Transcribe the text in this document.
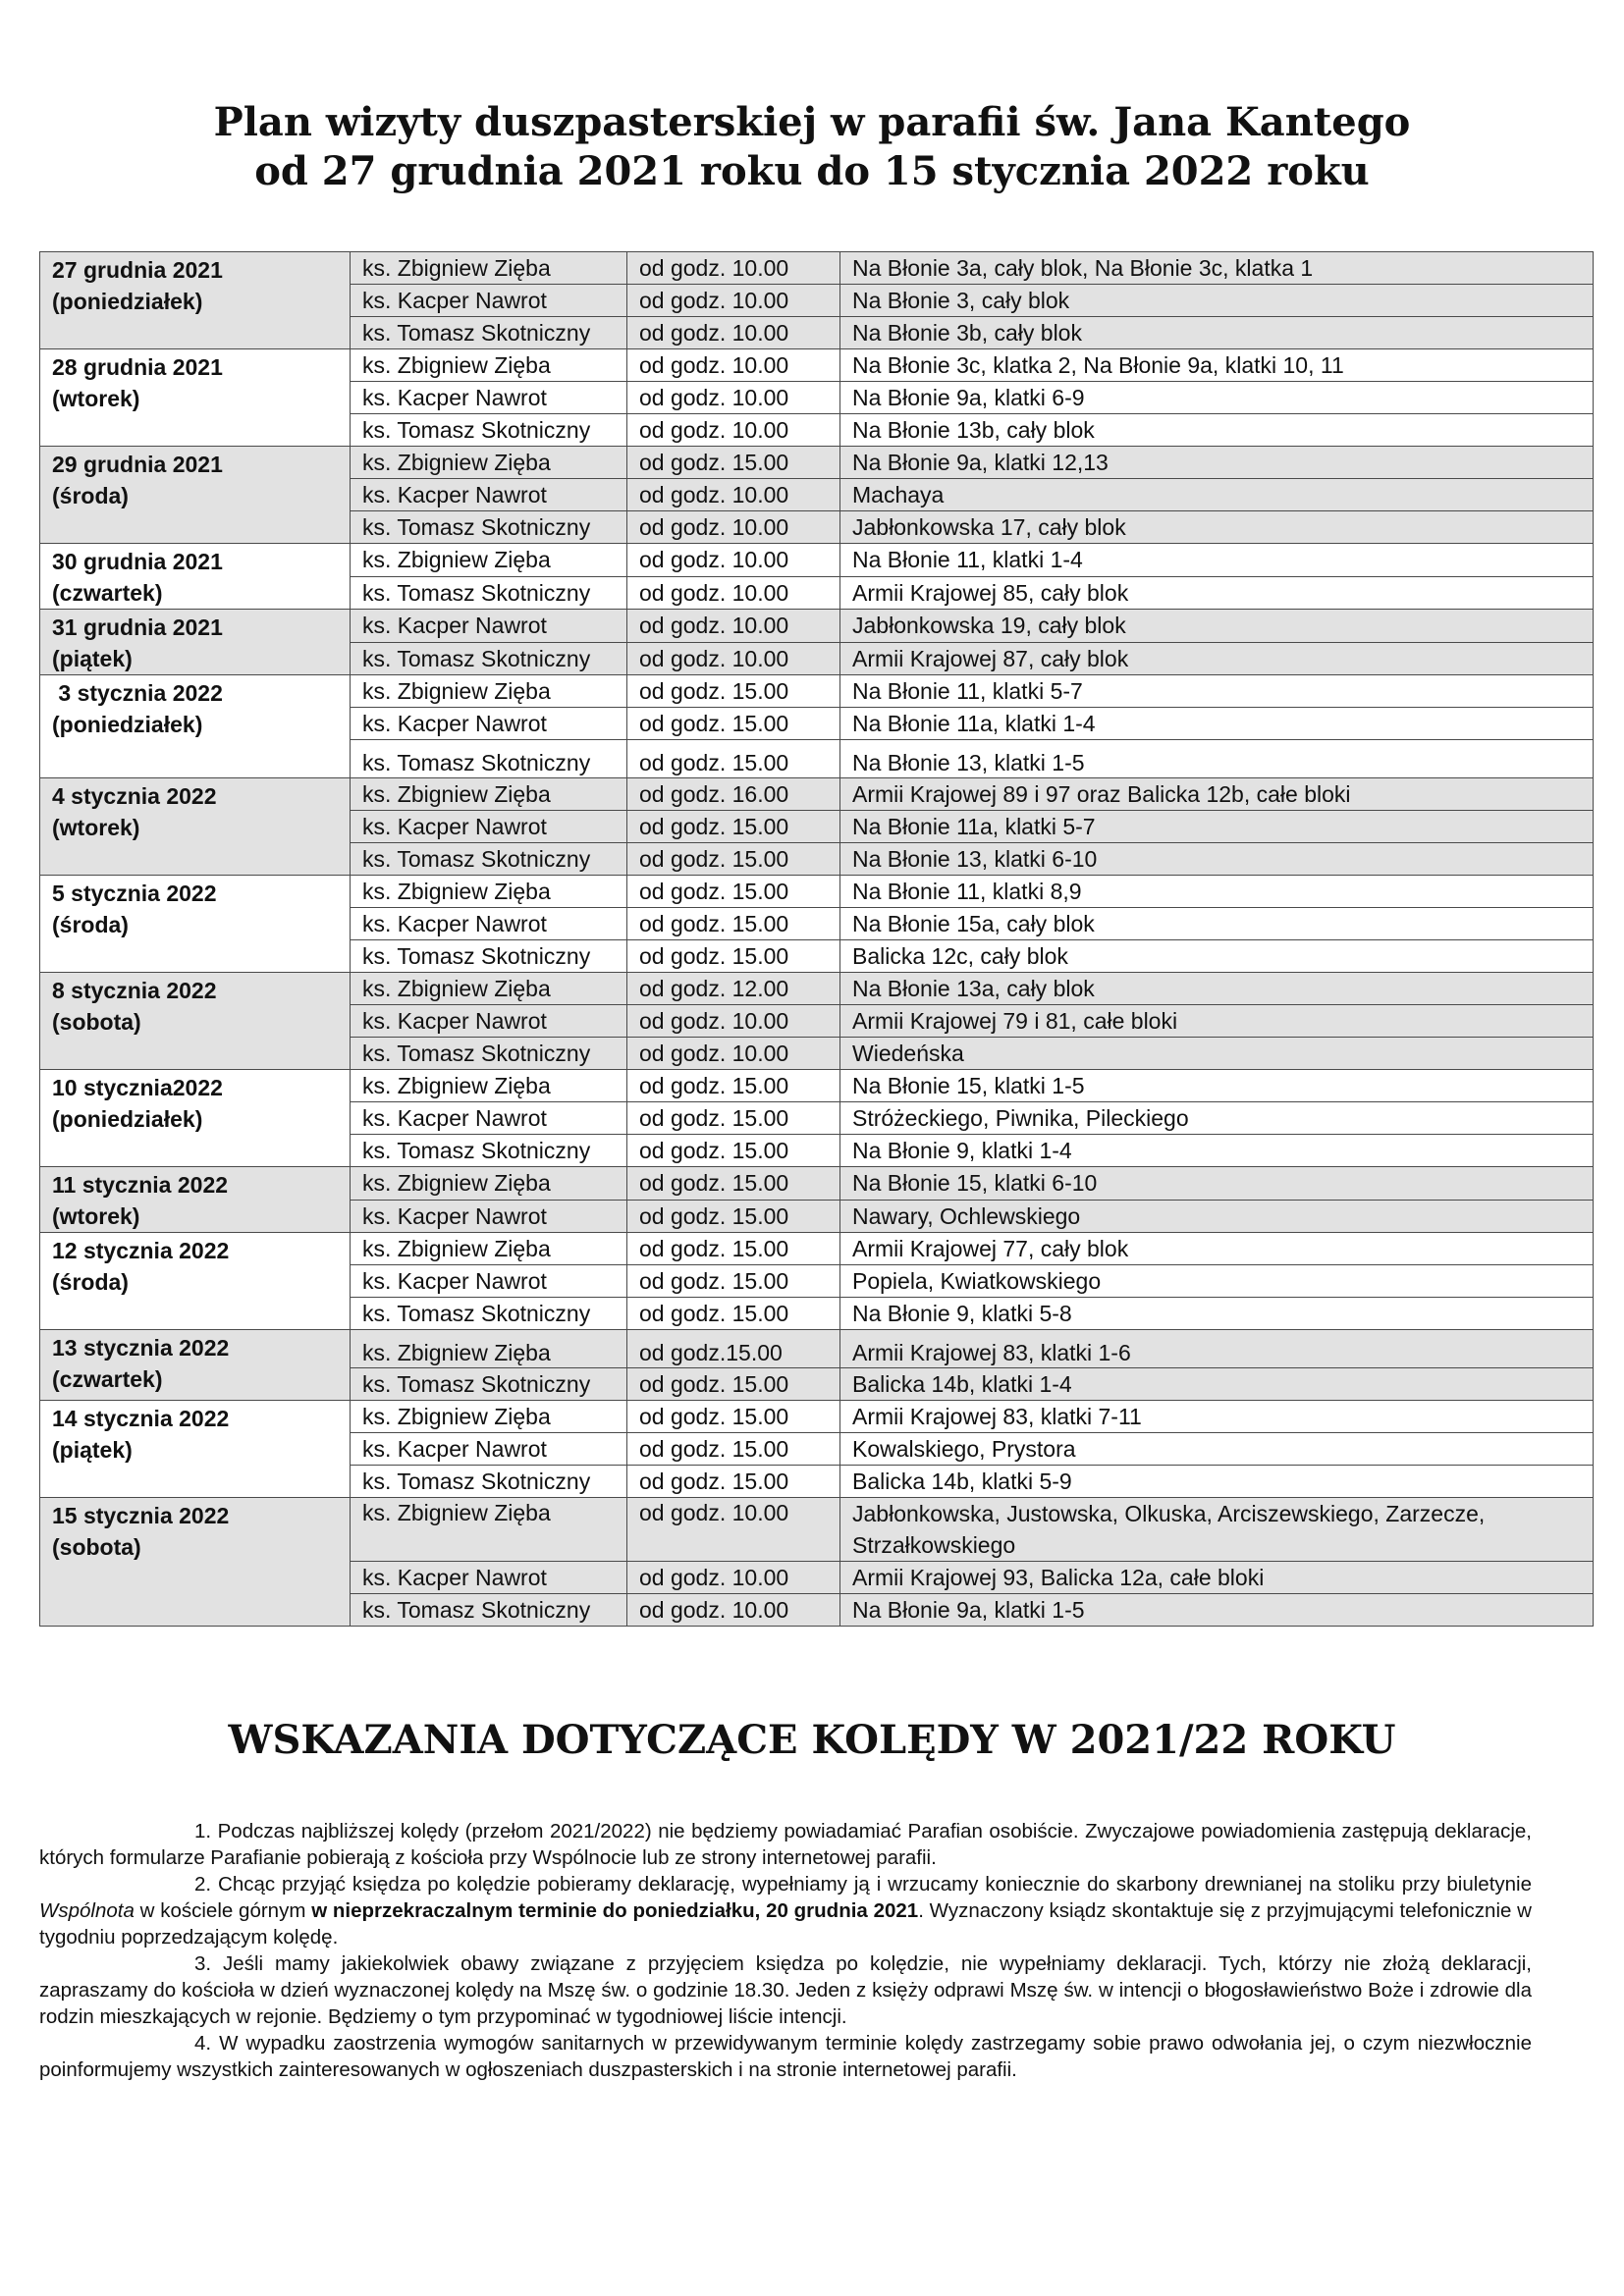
Plan wizyty duszpasterskiej w parafii św. Jana Kantego
od 27 grudnia 2021 roku do 15 stycznia 2022 roku
27 grudnia 2021
(poniedziałek)	ks. Zbigniew Zięba	od godz. 10.00	Na Błonie 3a, cały blok, Na Błonie 3c, klatka 1
	ks. Kacper Nawrot	od godz. 10.00	Na Błonie 3, cały blok
	ks. Tomasz Skotniczny	od godz. 10.00	Na Błonie 3b, cały blok

28 grudnia 2021
(wtorek)	ks. Zbigniew Zięba	od godz. 10.00	Na Błonie 3c, klatka 2, Na Błonie 9a, klatki 10, 11
	ks. Kacper Nawrot	od godz. 10.00	Na Błonie 9a, klatki 6-9
	ks. Tomasz Skotniczny	od godz. 10.00	Na Błonie 13b, cały blok

29 grudnia 2021
(środa)	ks. Zbigniew Zięba	od godz. 15.00	Na Błonie 9a, klatki 12,13
	ks. Kacper Nawrot	od godz. 10.00	Machaya
	ks. Tomasz Skotniczny	od godz. 10.00	Jabłonkowska 17, cały blok

30 grudnia 2021
(czwartek)	ks. Zbigniew Zięba	od godz. 10.00	Na Błonie 11, klatki 1-4
	ks. Tomasz Skotniczny	od godz. 10.00	Armii Krajowej 85, cały blok

31 grudnia 2021
(piątek)	ks. Kacper Nawrot	od godz. 10.00	Jabłonkowska 19, cały blok
	ks. Tomasz Skotniczny	od godz. 10.00	Armii Krajowej 87, cały blok

3 stycznia 2022
(poniedziałek)	ks. Zbigniew Zięba	od godz. 15.00	Na Błonie 11, klatki 5-7
	ks. Kacper Nawrot	od godz. 15.00	Na Błonie 11a, klatki 1-4
	ks. Tomasz Skotniczny	od godz. 15.00	Na Błonie 13, klatki 1-5

4 stycznia 2022
(wtorek)	ks. Zbigniew Zięba	od godz. 16.00	Armii Krajowej 89 i 97 oraz Balicka 12b, całe bloki
	ks. Kacper Nawrot	od godz. 15.00	Na Błonie 11a, klatki 5-7
	ks. Tomasz Skotniczny	od godz. 15.00	Na Błonie 13, klatki 6-10

5 stycznia 2022
(środa)	ks. Zbigniew Zięba	od godz. 15.00	Na Błonie 11, klatki 8,9
	ks. Kacper Nawrot	od godz. 15.00	Na Błonie 15a, cały blok
	ks. Tomasz Skotniczny	od godz. 15.00	Balicka 12c, cały blok

8 stycznia 2022
(sobota)	ks. Zbigniew Zięba	od godz. 12.00	Na Błonie 13a, cały blok
	ks. Kacper Nawrot	od godz. 10.00	Armii Krajowej 79 i 81, całe bloki
	ks. Tomasz Skotniczny	od godz. 10.00	Wiedeńska

10 stycznia2022
(poniedziałek)	ks. Zbigniew Zięba	od godz. 15.00	Na Błonie 15, klatki 1-5
	ks. Kacper Nawrot	od godz. 15.00	Stróżeckiego, Piwnika, Pileckiego
	ks. Tomasz Skotniczny	od godz. 15.00	Na Błonie 9, klatki 1-4

11 stycznia 2022
(wtorek)	ks. Zbigniew Zięba	od godz. 15.00	Na Błonie 15, klatki 6-10
	ks. Kacper Nawrot	od godz. 15.00	Nawary, Ochlewskiego

12 stycznia 2022
(środa)	ks. Zbigniew Zięba	od godz. 15.00	Armii Krajowej 77, cały blok
	ks. Kacper Nawrot	od godz. 15.00	Popiela, Kwiatkowskiego
	ks. Tomasz Skotniczny	od godz. 15.00	Na Błonie 9, klatki 5-8

13 stycznia 2022
(czwartek)	ks. Zbigniew Zięba	od godz.15.00	Armii Krajowej 83, klatki 1-6
	ks. Tomasz Skotniczny	od godz. 15.00	Balicka 14b, klatki 1-4

14 stycznia 2022
(piątek)	ks. Zbigniew Zięba	od godz. 15.00	Armii Krajowej 83, klatki 7-11
	ks. Kacper Nawrot	od godz. 15.00	Kowalskiego, Prystora
	ks. Tomasz Skotniczny	od godz. 15.00	Balicka 14b, klatki 5-9

15 stycznia 2022
(sobota)	ks. Zbigniew Zięba	od godz. 10.00	Jabłonkowska, Justowska, Olkuska, Arciszewskiego, Zarzecze, Strzałkowskiego
	ks. Kacper Nawrot	od godz. 10.00	Armii Krajowej 93, Balicka 12a, całe bloki
	ks. Tomasz Skotniczny	od godz. 10.00	Na Błonie 9a, klatki 1-5
WSKAZANIA DOTYCZĄCE KOLĘDY W 2021/22 ROKU

1. Podczas najbliższej kolędy (przełom 2021/2022) nie będziemy powiadamiać Parafian osobiście. Zwyczajowe powiadomienia zastępują deklaracje, których formularze Parafianie pobierają z kościoła przy Wspólnocie lub ze strony internetowej parafii.

2. Chcąc przyjąć księdza po kolędzie pobieramy deklarację, wypełniamy ją i wrzucamy koniecznie do skarbony drewnianej na stoliku przy biuletynie Wspólnota w kościele górnym w nieprzekraczalnym terminie do poniedziałku, 20 grudnia 2021. Wyznaczony ksiądz skontaktuje się z przyjmującymi telefonicznie w tygodniu poprzedzającym kolędę.

3. Jeśli mamy jakiekolwiek obawy związane z przyjęciem księdza po kolędzie, nie wypełniamy deklaracji. Tych, którzy nie złożą deklaracji, zapraszamy do kościoła w dzień wyznaczonej kolędy na Mszę św. o godzinie 18.30. Jeden z księży odprawi Mszę św. w intencji o błogosławieństwo Boże i zdrowie dla rodzin mieszkających w rejonie. Będziemy o tym przypominać w tygodniowej liście intencji.

4. W wypadku zaostrzenia wymogów sanitarnych w przewidywanym terminie kolędy zastrzegamy sobie prawo odwołania jej, o czym niezwłocznie poinformujemy wszystkich zainteresowanych w ogłoszeniach duszpasterskich i na stronie internetowej parafii.
